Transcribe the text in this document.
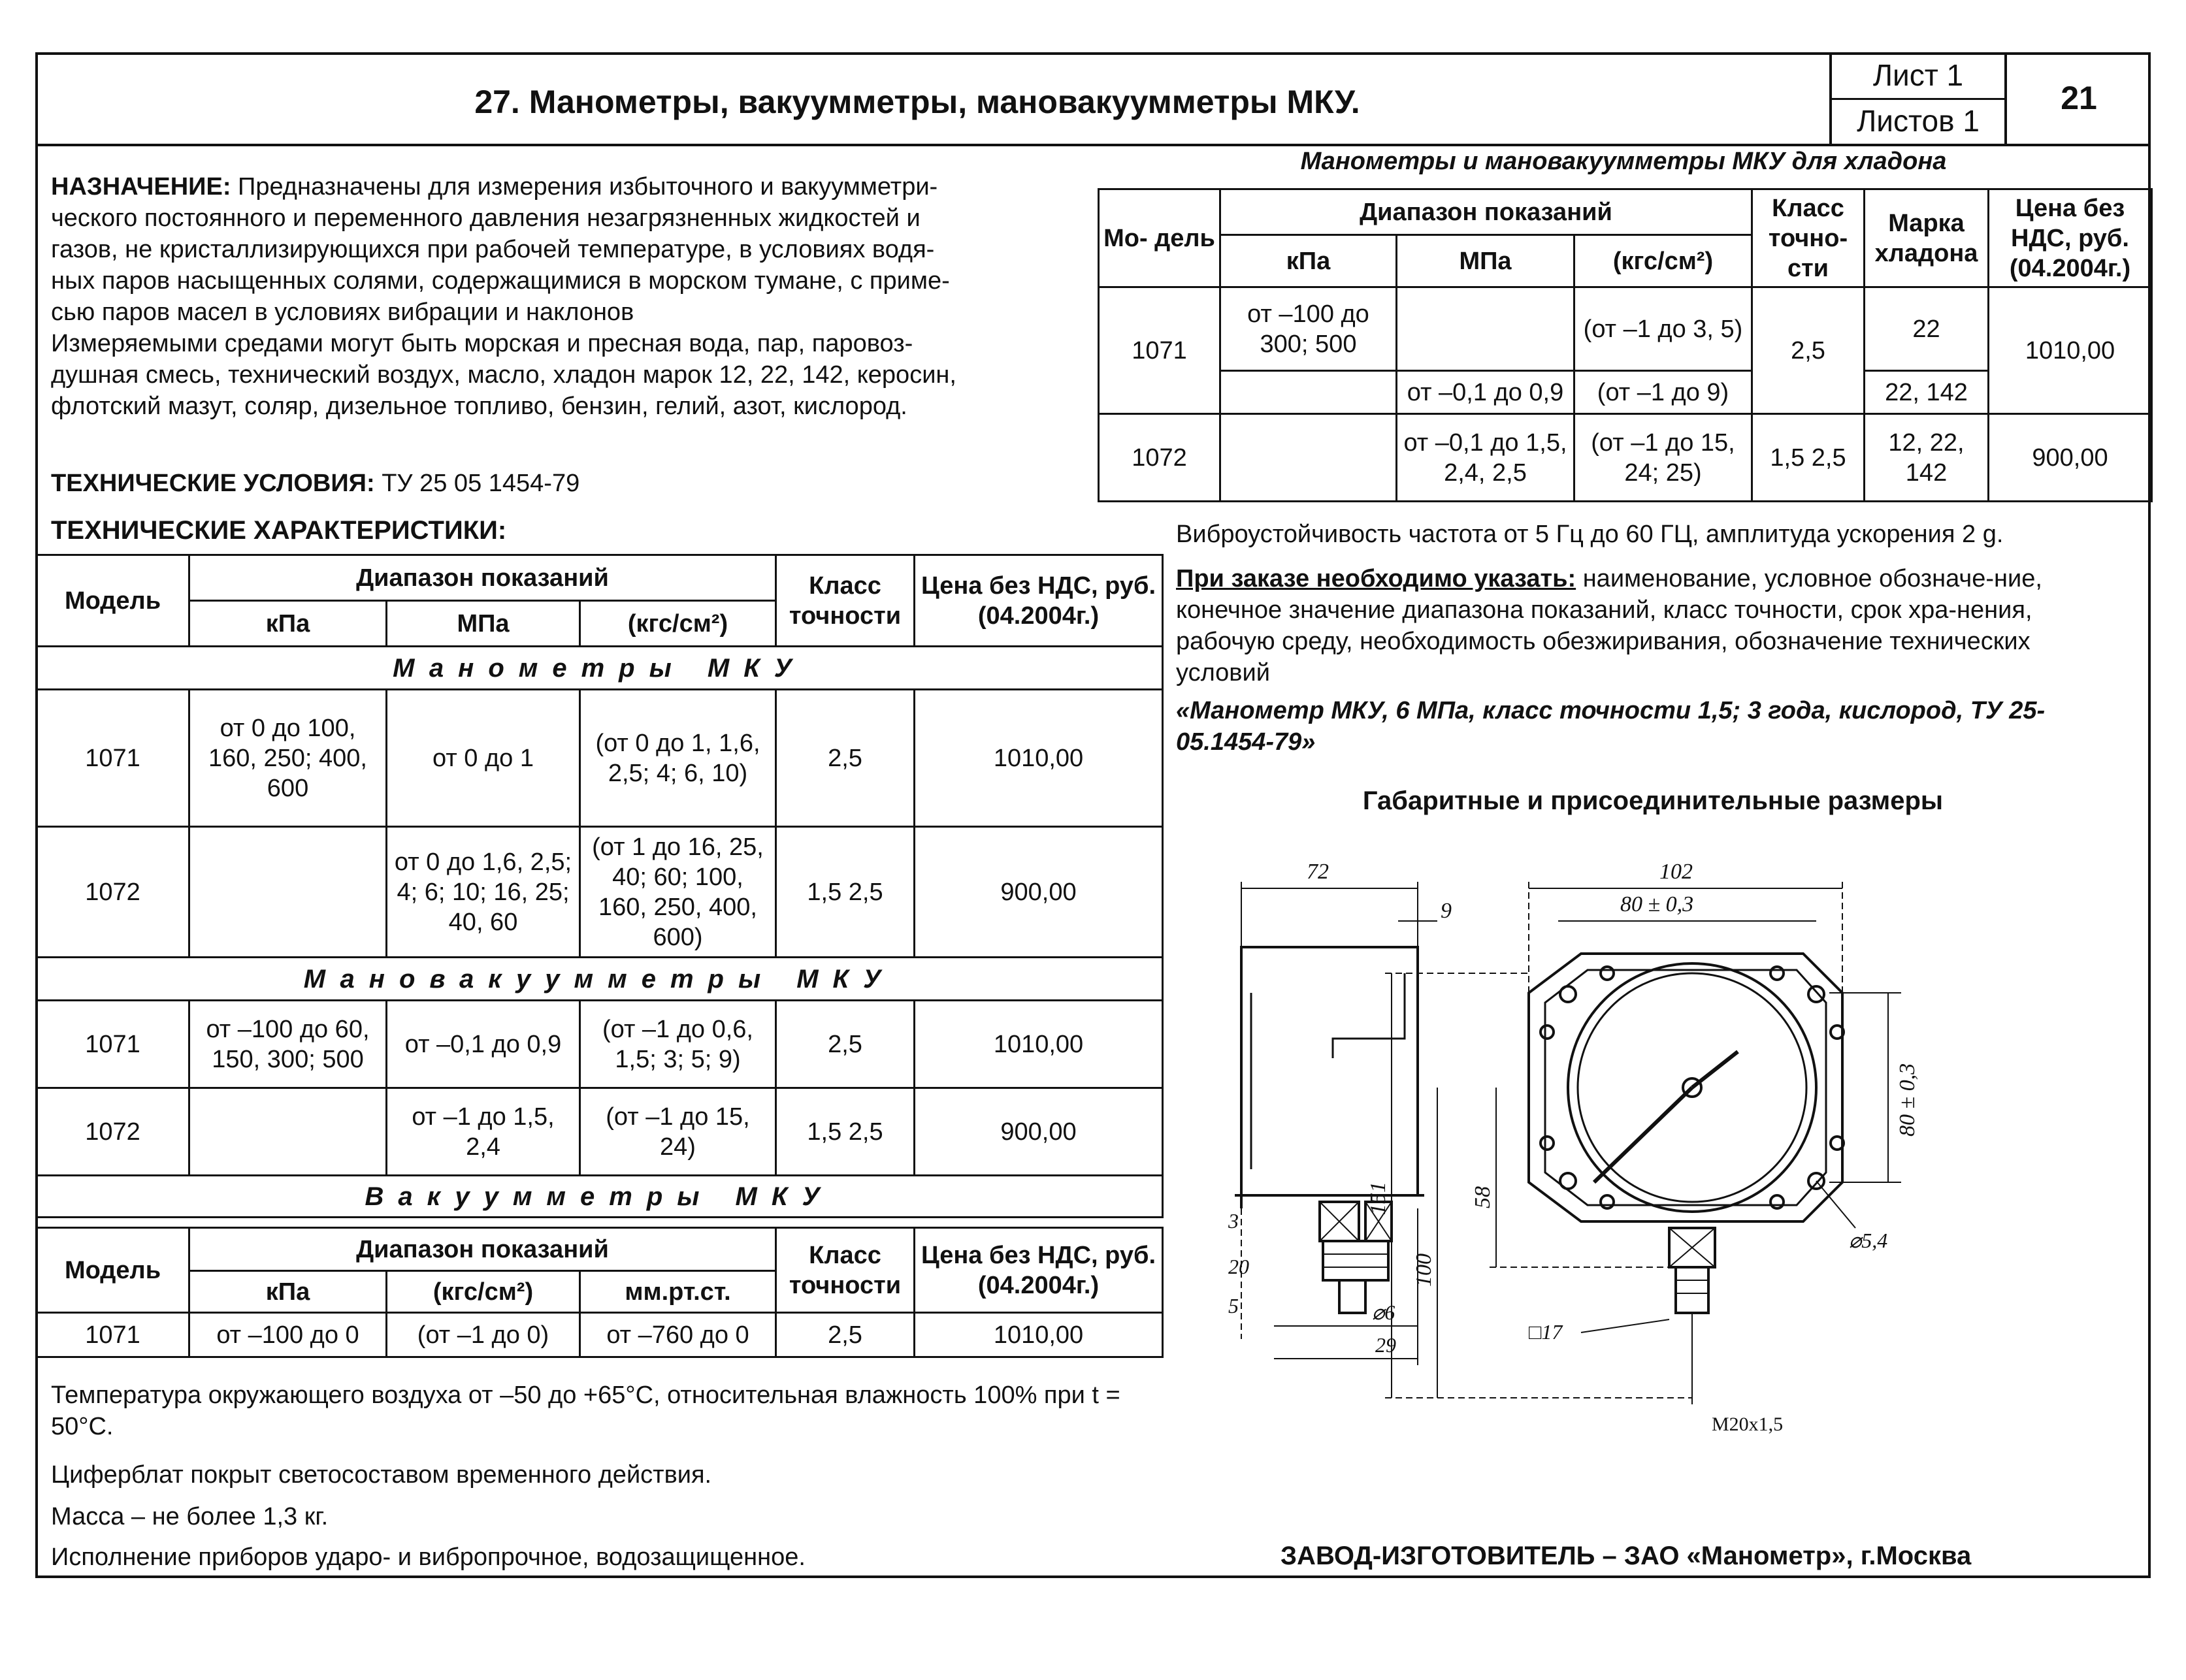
27. Манометры, вакуумметры, мановакуумметры МКУ.
Лист 1
Листов 1
21
НАЗНАЧЕНИЕ: Предназначены для измерения избыточного и вакуумметри-
ческого постоянного и переменного давления незагрязненных жидкостей и
газов, не кристаллизирующихся при рабочей температуре, в условиях водя-
ных паров насыщенных солями, содержащимися в морском тумане, с приме-
сью паров масел в условиях вибрации и наклонов
Измеряемыми средами могут быть морская и пресная вода, пар, паровоз-
душная смесь, технический воздух, масло, хладон марок 12, 22, 142, керосин,
флотский мазут, соляр, дизельное топливо, бензин, гелий, азот, кислород.
ТЕХНИЧЕСКИЕ УСЛОВИЯ: ТУ 25 05 1454-79
ТЕХНИЧЕСКИЕ ХАРАКТЕРИСТИКИ:
Модель	Диапазон показаний			Класс точности	Цена без НДС, руб. (04.2004г.)
	кПа	МПа	(кгс/см²)		
Манометры МКУ					
1071	от 0 до 100, 160, 250; 400, 600	от 0 до 1	(от 0 до 1, 1,6, 2,5; 4; 6, 10)	2,5	1010,00
1072		от 0 до 1,6, 2,5; 4; 6; 10; 16, 25; 40, 60	(от 1 до 16, 25, 40; 60; 100, 160, 250, 400, 600)	1,5 2,5	900,00
Мановакуумметры МКУ					
1071	от –100 до 60, 150, 300; 500	от –0,1 до 0,9	(от –1 до 0,6, 1,5; 3; 5; 9)	2,5	1010,00
1072		от –1 до 1,5, 2,4	(от –1 до 15, 24)	1,5 2,5	900,00
Вакуумметры МКУ					
Модель	Диапазон показаний			Класс точности	Цена без НДС, руб. (04.2004г.)
	кПа	(кгс/см²)	мм.рт.ст.		
1071	от –100 до 0	(от –1 до 0)	от –760 до 0	2,5	1010,00
Температура окружающего воздуха от –50 до +65°С, относительная влажность 100% при t = 50°С.
Циферблат покрыт светосоставом временного действия.
Масса – не более 1,3 кг.
Исполнение приборов ударо- и вибропрочное, водозащищенное.
Манометры и мановакуумметры МКУ для хладона
Мо- дель	Диапазон показаний			Класс точно- сти	Марка хладона	Цена без НДС, руб. (04.2004г.)
	кПа	МПа	(кгс/см²)			
1071	от –100 до 300; 500		(от –1 до 3, 5)	2,5	22	1010,00
		от –0,1 до 0,9	(от –1 до 9)		22, 142	
1072		от –0,1 до 1,5, 2,4, 2,5	(от –1 до 15, 24; 25)	1,5 2,5	12, 22, 142	900,00
Виброустойчивость частота от 5 Гц до 60 ГЦ, амплитуда ускорения 2 g.
При заказе необходимо указать: наименование, условное обозначе-ние, конечное значение диапазона показаний, класс точности, срок хра-нения, рабочую среду, необходимость обезжиривания, обозначение технических условий
«Манометр МКУ, 6 МПа, класс точности 1,5; 3 года, кислород, ТУ 25-05.1454-79»
Габаритные и присоединительные размеры
72
9
3
20
5	⌀6
29
102
80 ± 0,3
80 ± 0,3
151
100
58
⌀5,4
□17
М20х1,5
ЗАВОД-ИЗГОТОВИТЕЛЬ – ЗАО «Манометр», г.Москва
